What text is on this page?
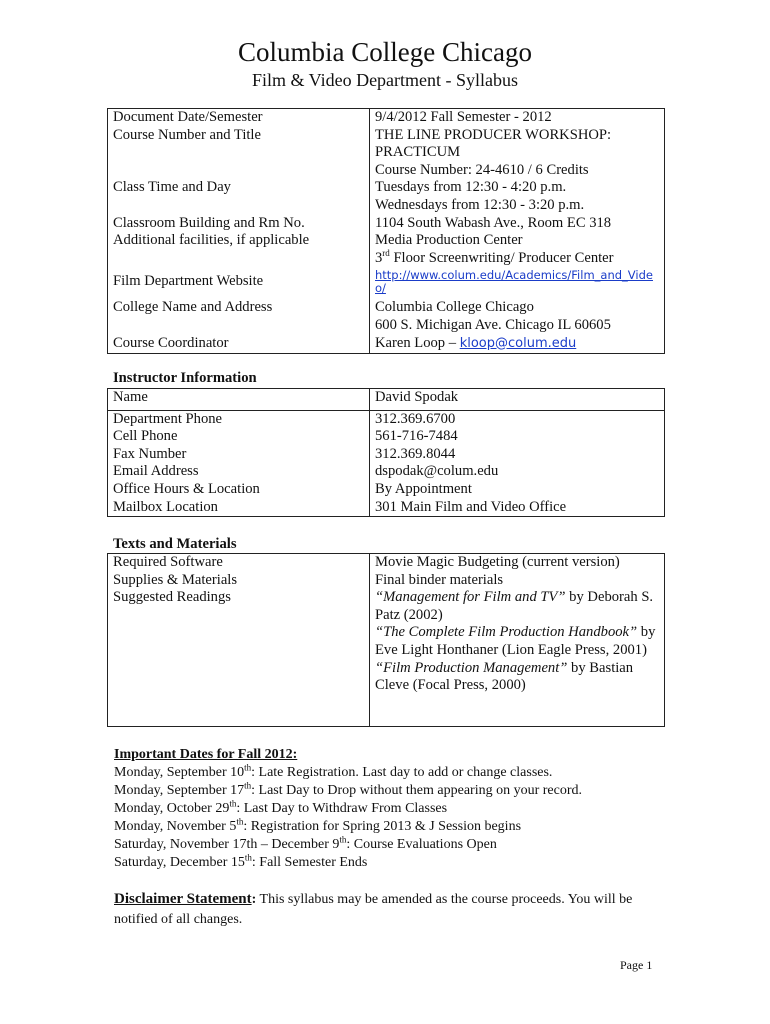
Columbia College Chicago
Film & Video Department - Syllabus
Document Date/Semester	9/4/2012 Fall Semester - 2012
Course Number and Title	THE LINE PRODUCER WORKSHOP:
PRACTICUM
Course Number: 24-4610 / 6 Credits

Class Time and Day	Tuesdays from 12:30 - 4:20 p.m.
Wednesdays from 12:30 - 3:20 p.m.

Classroom Building and Rm No.	1104 South Wabash Ave., Room EC 318
Additional facilities, if applicable	Media Production Center
3rd Floor Screenwriting/ Producer Center

Film Department Website	http://www.colum.edu/Academics/Film_and_Video/

College Name and Address	Columbia College Chicago
600 S. Michigan Ave. Chicago IL 60605

Course Coordinator	Karen Loop – kloop@colum.edu
Instructor Information
Name	David Spodak
Department Phone	312.369.6700
Cell Phone	561-716-7484
Fax Number	312.369.8044
Email Address	dspodak@colum.edu
Office Hours & Location	By Appointment
Mailbox Location	301 Main Film and Video Office
Texts and Materials
Required Software	Movie Magic Budgeting (current version)
Supplies & Materials	Final binder materials
Suggested Readings	“Management for Film and TV” by Deborah S. Patz (2002)
“The Complete Film Production Handbook” by Eve Light Honthaner (Lion Eagle Press, 2001)
“Film Production Management” by Bastian Cleve (Focal Press, 2000)
Important Dates for Fall 2012:
Monday, September 10th: Late Registration. Last day to add or change classes.
Monday, September 17th: Last Day to Drop without them appearing on your record.
Monday, October 29th: Last Day to Withdraw From Classes
Monday, November 5th: Registration for Spring 2013 & J Session begins
Saturday, November 17th – December 9th: Course Evaluations Open
Saturday, December 15th: Fall Semester Ends
Disclaimer Statement: This syllabus may be amended as the course proceeds. You will be notified of all changes.
Page 1
